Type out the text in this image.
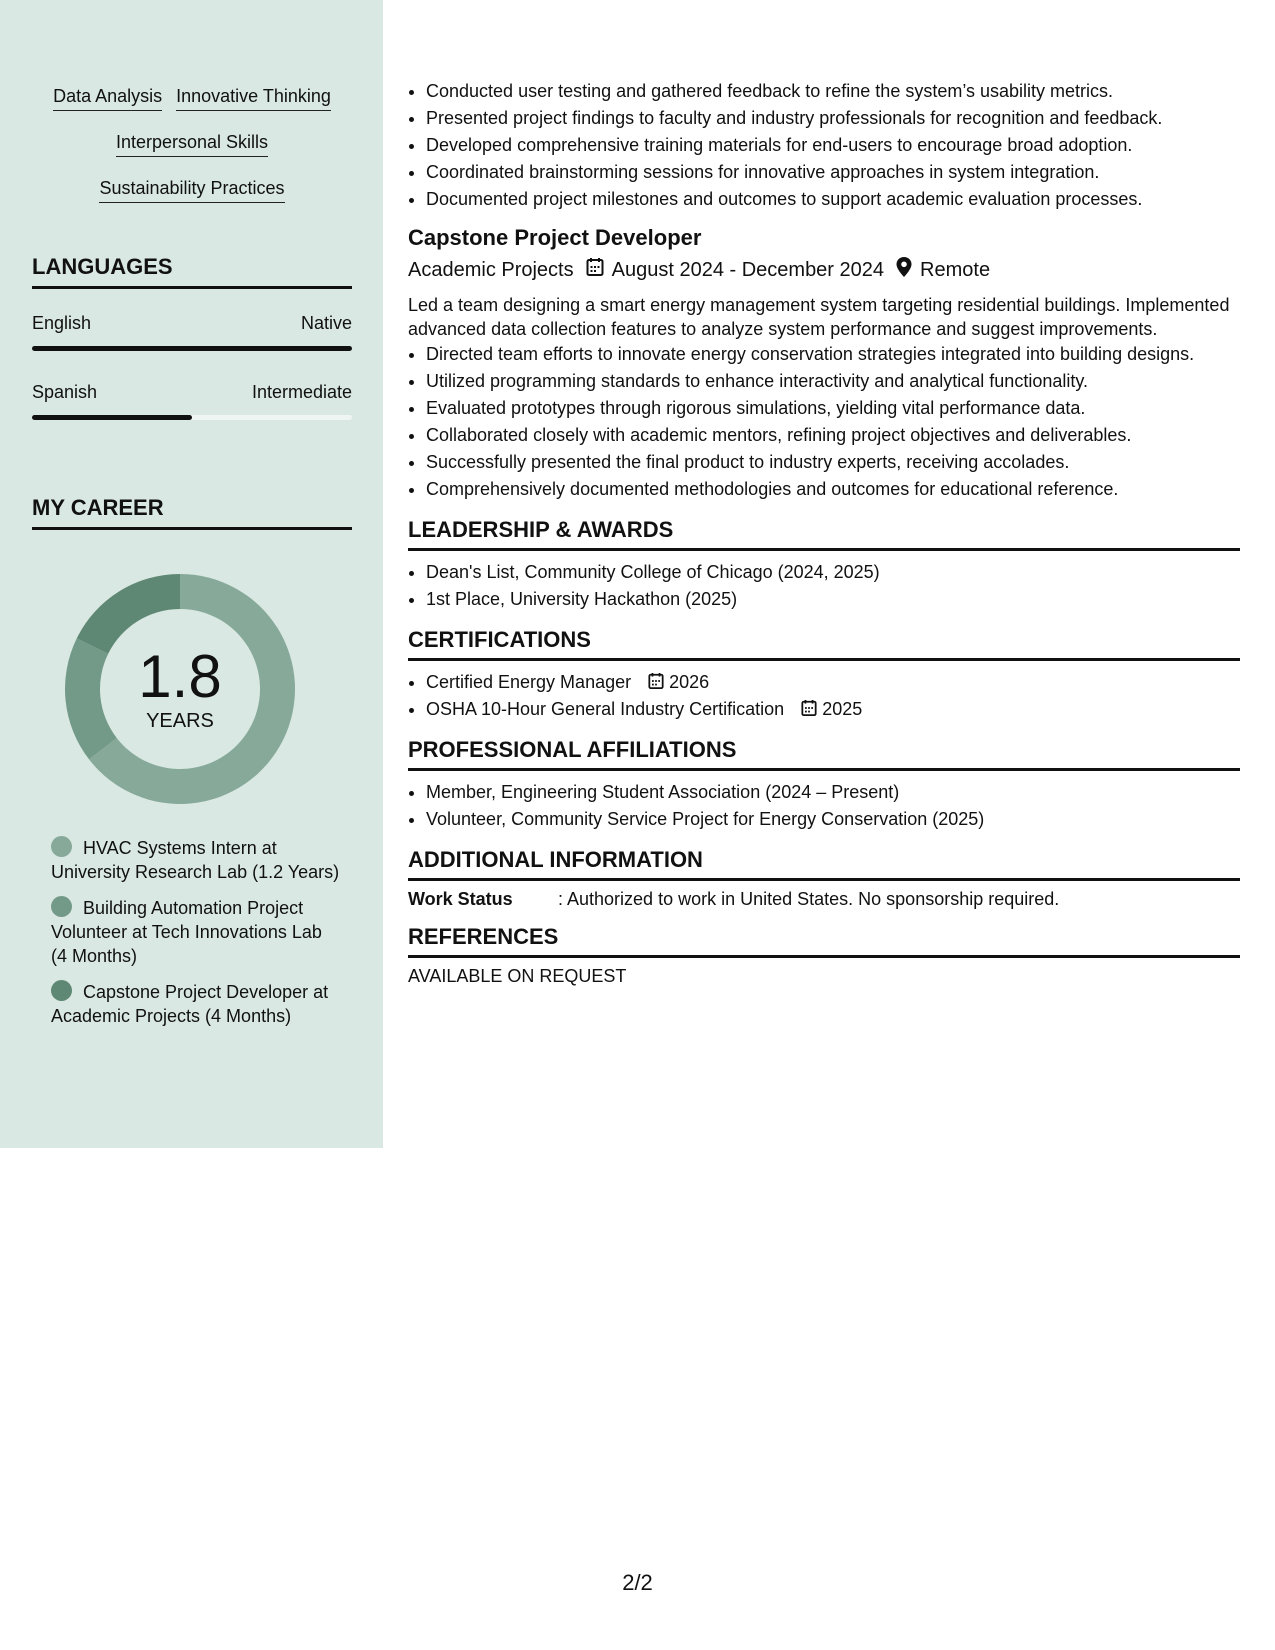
Data Analysis Innovative Thinking
Interpersonal Skills
Sustainability Practices
LANGUAGES
English	Native
Spanish	Intermediate
MY CAREER
1.8
YEARS
HVAC Systems Intern at University Research Lab (1.2 Years)
Building Automation Project Volunteer at Tech Innovations Lab (4 Months)
Capstone Project Developer at Academic Projects (4 Months)
• Conducted user testing and gathered feedback to refine the system’s usability metrics.
• Presented project findings to faculty and industry professionals for recognition and feedback.
• Developed comprehensive training materials for end-users to encourage broad adoption.
• Coordinated brainstorming sessions for innovative approaches in system integration.
• Documented project milestones and outcomes to support academic evaluation processes.
Capstone Project Developer
Academic Projects August 2024 - December 2024 Remote
Led a team designing a smart energy management system targeting residential buildings. Implemented advanced data collection features to analyze system performance and suggest improvements.
• Directed team efforts to innovate energy conservation strategies integrated into building designs.
• Utilized programming standards to enhance interactivity and analytical functionality.
• Evaluated prototypes through rigorous simulations, yielding vital performance data.
• Collaborated closely with academic mentors, refining project objectives and deliverables.
• Successfully presented the final product to industry experts, receiving accolades.
• Comprehensively documented methodologies and outcomes for educational reference.
LEADERSHIP & AWARDS
• Dean's List, Community College of Chicago (2024, 2025)
• 1st Place, University Hackathon (2025)
CERTIFICATIONS
• Certified Energy Manager 2026
• OSHA 10-Hour General Industry Certification 2025
PROFESSIONAL AFFILIATIONS
• Member, Engineering Student Association (2024 – Present)
• Volunteer, Community Service Project for Energy Conservation (2025)
ADDITIONAL INFORMATION
Work Status	: Authorized to work in United States. No sponsorship required.
REFERENCES
AVAILABLE ON REQUEST
2/2
